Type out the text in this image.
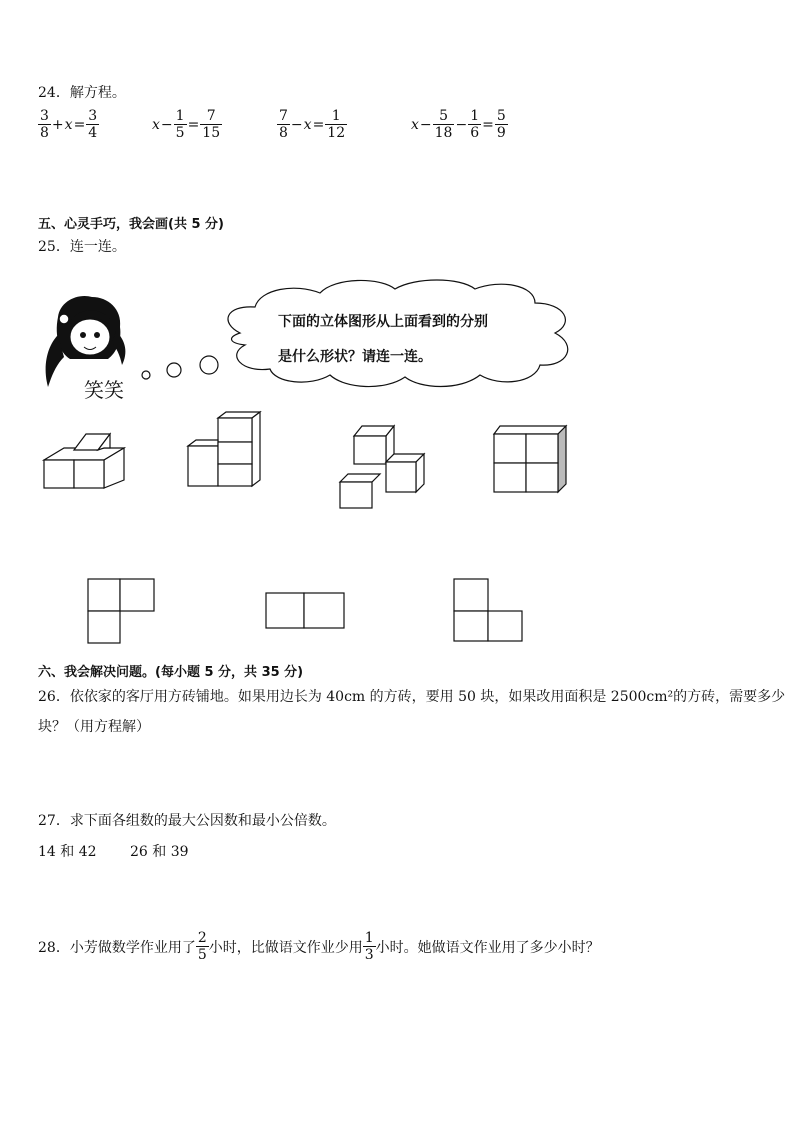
24．解方程。
$\frac{3}{8} + x = \frac{3}{4}$	$x - \frac{1}{5} = \frac{7}{15}$	$\frac{7}{8} - x = \frac{1}{12}$	$x - \frac{5}{18} - \frac{1}{6} = \frac{5}{9}$
五、心灵手巧，我会画(共 5 分)
25．连一连。
下面的立体图形从上面看到的分别
是什么形状？请连一连。
笑笑
六、我会解决问题。(每小题 5 分，共 35 分)
26．依依家的客厅用方砖铺地。如果用边长为 40cm 的方砖，要用 50 块，如果改用面积是 2500cm²的方砖，需要多少
块？（用方程解）
27．求下面各组数的最大公因数和最小公倍数。
14 和 42 26 和 39
28．小芳做数学作业用了 $\frac{2}{5}$ 小时，比做语文作业少用 $\frac{1}{3}$ 小时。她做语文作业用了多少小时？
